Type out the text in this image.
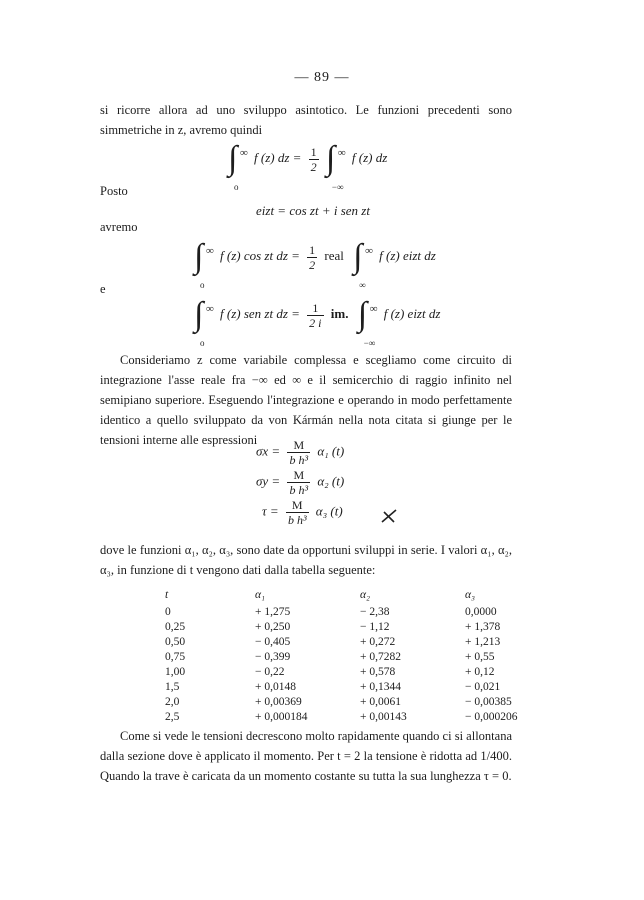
— 89 —
si ricorre allora ad uno sviluppo asintotico. Le funzioni precedenti sono simmetriche in z, avremo quindi
∫ ∞
o
f (z) dz = $\frac{1}{2}$ ∫ ∞
−∞
f (z) dz
Posto
eizt = cos zt + i sen zt
avremo
∫ ∞
o
f (z) cos zt dz = $\frac{1}{2}$ real ∫ ∞
∞
f (z) eizt dz
e
∫ ∞
o
f (z) sen zt dz = $\frac{1}{2 i}$ im. ∫ ∞
−∞
f (z) eizt dz
Consideriamo z come variabile complessa e scegliamo come circuito di integrazione l'asse reale fra −∞ ed ∞ e il semicerchio di raggio infinito nel semipiano superiore. Eseguendo l'integrazione e operando in modo perfettamente identico a quello sviluppato da von Kármán nella nota citata si giunge per le tensioni interne alle espressioni
$\sigma x = \frac{M}{\text{b h³}} \alpha_1$ (t)
$\sigma y = \frac{M}{\text{b h³}} \alpha_2$ (t)
$\tau = \frac{M}{\text{b h³}} \alpha_3$ (t)
dove le funzioni α₁, α₂, α₃, sono date da opportuni sviluppi in serie. I valori α₁, α₂, α₃, in funzione di t vengono dati dalla tabella seguente:
t	α₁	α₂	α₃
0	+ 1,275	− 2,38	0,0000
0,25	+ 0,250	− 1,12	+ 1,378
0,50	− 0,405	+ 0,272	+ 1,213
0,75	− 0,399	+ 0,7282	+ 0,55
1,00	− 0,22	+ 0,578	+ 0,12
1,5	+ 0,0148	+ 0,1344	− 0,021
2,0	+ 0,00369	+ 0,0061	− 0,00385
2,5	+ 0,000184	+ 0,00143	− 0,000206
Come si vede le tensioni decrescono molto rapidamente quando ci si allontana dalla sezione dove è applicato il momento. Per t = 2 la tensione è ridotta ad 1/400. Quando la trave è caricata da un momento costante su tutta la sua lunghezza τ = 0.
